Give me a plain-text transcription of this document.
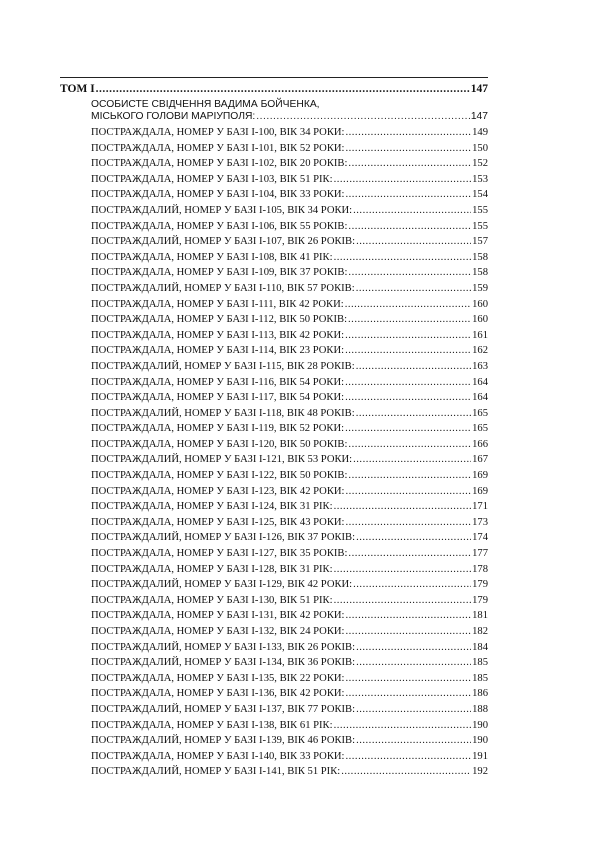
ТОМ I .....	147
ОСОБИСТЕ СВІДЧЕННЯ ВАДИМА БОЙЧЕНКА,
МІСЬКОГО ГОЛОВИ МАРІУПОЛЯ: .....	147
ПОСТРАЖДАЛА, НОМЕР У БАЗІ I-100, ВІК 34 РОКИ: .....	149
ПОСТРАЖДАЛА, НОМЕР У БАЗІ I-101, ВІК 52 РОКИ: .....	150
ПОСТРАЖДАЛА, НОМЕР У БАЗІ I-102, ВІК 20 РОКІВ: .....	152
ПОСТРАЖДАЛА, НОМЕР У БАЗІ I-103, ВІК 51 РІК: .....	153
ПОСТРАЖДАЛА, НОМЕР У БАЗІ I-104, ВІК 33 РОКИ: .....	154
ПОСТРАЖДАЛИЙ, НОМЕР У БАЗІ I-105, ВІК 34 РОКИ: .....	155
ПОСТРАЖДАЛА, НОМЕР У БАЗІ I-106, ВІК 55 РОКІВ: .....	155
ПОСТРАЖДАЛИЙ, НОМЕР У БАЗІ I-107, ВІК 26 РОКІВ: .....	157
ПОСТРАЖДАЛА, НОМЕР У БАЗІ I-108, ВІК 41 РІК: .....	158
ПОСТРАЖДАЛА, НОМЕР У БАЗІ I-109, ВІК 37 РОКІВ: .....	158
ПОСТРАЖДАЛИЙ, НОМЕР У БАЗІ I-110, ВІК 57 РОКІВ: .....	159
ПОСТРАЖДАЛА, НОМЕР У БАЗІ I-111, ВІК 42 РОКИ: .....	160
ПОСТРАЖДАЛА, НОМЕР У БАЗІ I-112, ВІК 50 РОКІВ: .....	160
ПОСТРАЖДАЛА, НОМЕР У БАЗІ I-113, ВІК 42 РОКИ: .....	161
ПОСТРАЖДАЛА, НОМЕР У БАЗІ I-114, ВІК 23 РОКИ: .....	162
ПОСТРАЖДАЛИЙ, НОМЕР У БАЗІ I-115, ВІК 28 РОКІВ: .....	163
ПОСТРАЖДАЛА, НОМЕР У БАЗІ I-116, ВІК 54 РОКИ: .....	164
ПОСТРАЖДАЛА, НОМЕР У БАЗІ I-117, ВІК 54 РОКИ: .....	164
ПОСТРАЖДАЛИЙ, НОМЕР У БАЗІ I-118, ВІК 48 РОКІВ: .....	165
ПОСТРАЖДАЛА, НОМЕР У БАЗІ I-119, ВІК 52 РОКИ: .....	165
ПОСТРАЖДАЛА, НОМЕР У БАЗІ I-120, ВІК 50 РОКІВ: .....	166
ПОСТРАЖДАЛИЙ, НОМЕР У БАЗІ I-121, ВІК 53 РОКИ: .....	167
ПОСТРАЖДАЛА, НОМЕР У БАЗІ I-122, ВІК 50 РОКІВ: .....	169
ПОСТРАЖДАЛА, НОМЕР У БАЗІ I-123, ВІК 42 РОКИ: .....	169
ПОСТРАЖДАЛА, НОМЕР У БАЗІ I-124, ВІК 31 РІК: .....	171
ПОСТРАЖДАЛА, НОМЕР У БАЗІ I-125, ВІК 43 РОКИ: .....	173
ПОСТРАЖДАЛИЙ, НОМЕР У БАЗІ I-126, ВІК 37 РОКІВ: .....	174
ПОСТРАЖДАЛА, НОМЕР У БАЗІ I-127, ВІК 35 РОКІВ: .....	177
ПОСТРАЖДАЛА, НОМЕР У БАЗІ I-128, ВІК 31 РІК: .....	178
ПОСТРАЖДАЛИЙ, НОМЕР У БАЗІ I-129, ВІК 42 РОКИ: .....	179
ПОСТРАЖДАЛА, НОМЕР У БАЗІ I-130, ВІК 51 РІК: .....	179
ПОСТРАЖДАЛА, НОМЕР У БАЗІ I-131, ВІК 42 РОКИ: .....	181
ПОСТРАЖДАЛА, НОМЕР У БАЗІ I-132, ВІК 24 РОКИ: .....	182
ПОСТРАЖДАЛИЙ, НОМЕР У БАЗІ I-133, ВІК 26 РОКІВ: .....	184
ПОСТРАЖДАЛИЙ, НОМЕР У БАЗІ I-134, ВІК 36 РОКІВ: .....	185
ПОСТРАЖДАЛА, НОМЕР У БАЗІ I-135, ВІК 22 РОКИ: .....	185
ПОСТРАЖДАЛА, НОМЕР У БАЗІ I-136, ВІК 42 РОКИ: .....	186
ПОСТРАЖДАЛИЙ, НОМЕР У БАЗІ I-137, ВІК 77 РОКІВ: .....	188
ПОСТРАЖДАЛА, НОМЕР У БАЗІ I-138, ВІК 61 РІК: .....	190
ПОСТРАЖДАЛИЙ, НОМЕР У БАЗІ I-139, ВІК 46 РОКІВ: .....	190
ПОСТРАЖДАЛА, НОМЕР У БАЗІ I-140, ВІК 33 РОКИ: .....	191
ПОСТРАЖДАЛИЙ, НОМЕР У БАЗІ I-141, ВІК 51 РІК: .....	192
